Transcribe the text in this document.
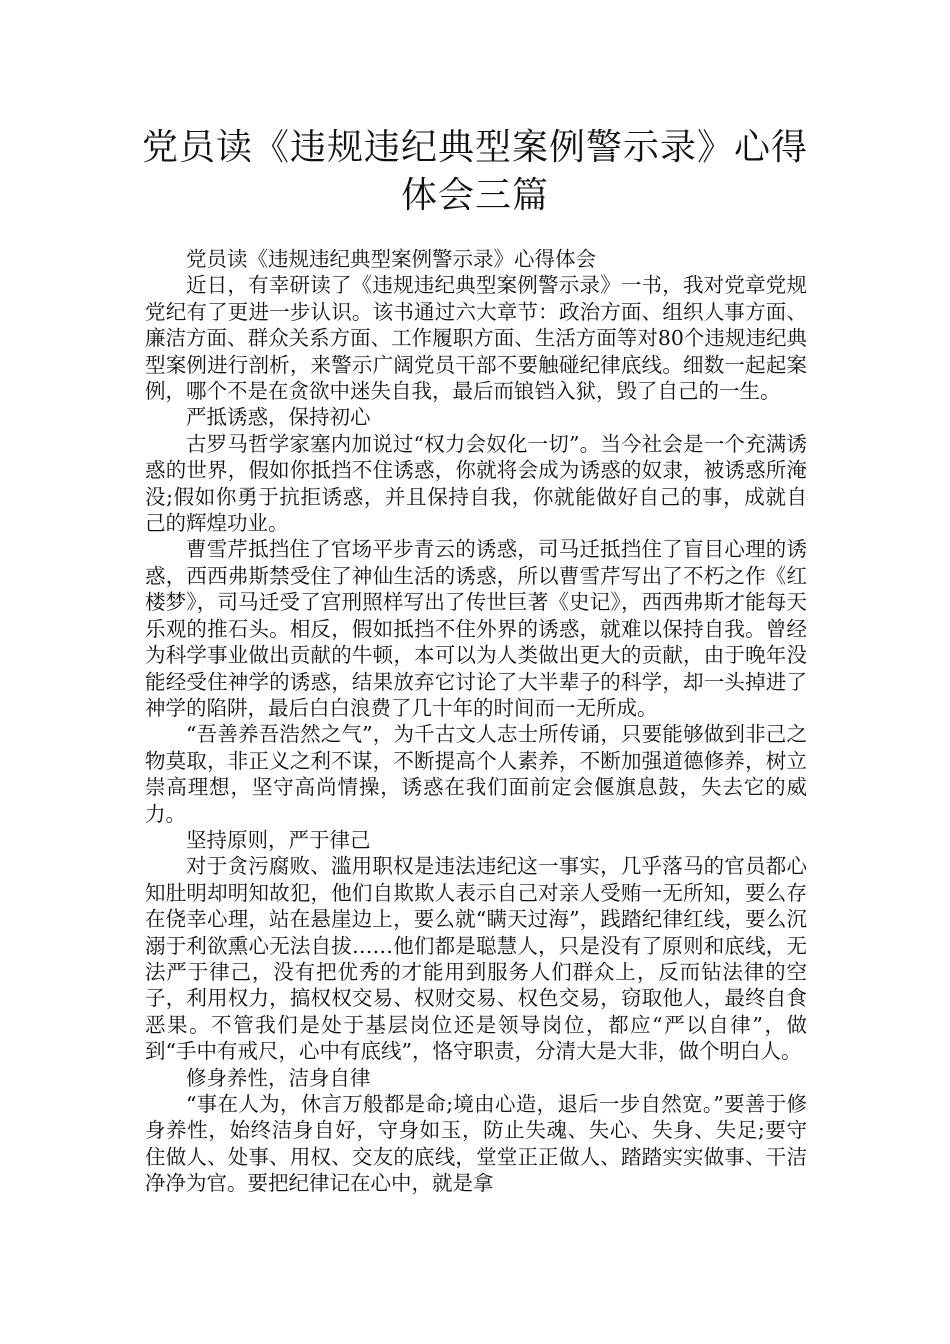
党员读《违规违纪典型案例警示录》心得
体会三篇

党员读《违规违纪典型案例警示录》心得体会

近日，有幸研读了《违规违纪典型案例警示录》一书，我对党章党规党纪有了更进一步认识。该书通过六大章节：政治方面、组织人事方面、廉洁方面、群众关系方面、工作履职方面、生活方面等对80个违规违纪典型案例进行剖析，来警示广阔党员干部不要触碰纪律底线。细数一起起案例，哪个不是在贪欲中迷失自我，最后而锒铛入狱，毁了自己的一生。

严抵诱惑，保持初心

古罗马哲学家塞内加说过“权力会奴化一切”。当今社会是一个充满诱惑的世界，假如你抵挡不住诱惑，你就将会成为诱惑的奴隶，被诱惑所淹没;假如你勇于抗拒诱惑，并且保持自我，你就能做好自己的事，成就自己的辉煌功业。

曹雪芹抵挡住了官场平步青云的诱惑，司马迁抵挡住了盲目心理的诱惑，西西弗斯禁受住了神仙生活的诱惑，所以曹雪芹写出了不朽之作《红楼梦》，司马迁受了宫刑照样写出了传世巨著《史记》，西西弗斯才能每天乐观的推石头。相反，假如抵挡不住外界的诱惑，就难以保持自我。曾经为科学事业做出贡献的牛顿，本可以为人类做出更大的贡献，由于晚年没能经受住神学的诱惑，结果放弃它讨论了大半辈子的科学，却一头掉进了神学的陷阱，最后白白浪费了几十年的时间而一无所成。

“吾善养吾浩然之气”，为千古文人志士所传诵，只要能够做到非己之物莫取，非正义之利不谋，不断提高个人素养，不断加强道德修养，树立崇高理想，坚守高尚情操，诱惑在我们面前定会偃旗息鼓，失去它的威力。

坚持原则，严于律己

对于贪污腐败、滥用职权是违法违纪这一事实，几乎落马的官员都心知肚明却明知故犯，他们自欺欺人表示自己对亲人受贿一无所知，要么存在侥幸心理，站在悬崖边上，要么就“瞒天过海”，践踏纪律红线，要么沉溺于利欲熏心无法自拔……他们都是聪慧人，只是没有了原则和底线，无法严于律己，没有把优秀的才能用到服务人们群众上，反而钻法律的空子，利用权力，搞权权交易、权财交易、权色交易，窃取他人，最终自食恶果。不管我们是处于基层岗位还是领导岗位，都应“严以自律”，做到“手中有戒尺，心中有底线”，恪守职责，分清大是大非，做个明白人。

修身养性，洁身自律

“事在人为，休言万般都是命;境由心造，退后一步自然宽。”要善于修身养性，始终洁身自好，守身如玉，防止失魂、失心、失身、失足;要守住做人、处事、用权、交友的底线，堂堂正正做人、踏踏实实做事、干洁净净为官。要把纪律记在心中，就是拿
